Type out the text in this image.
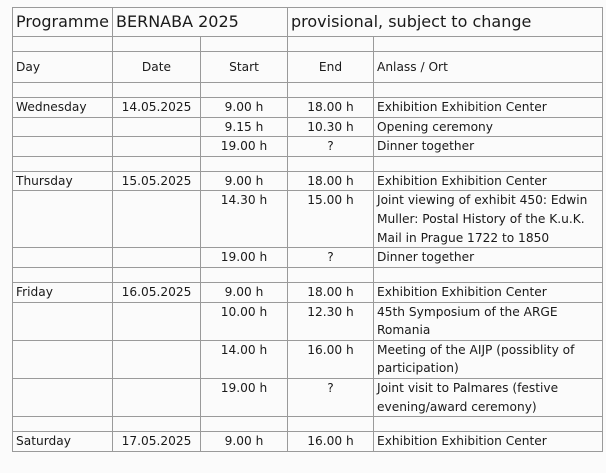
Programme	BERNABA 2025		provisional, subject to change	

Day	Date	Start	End	Anlass / Ort

Wednesday	14.05.2025	9.00 h	18.00 h	Exhibition Exhibition Center
		9.15 h	10.30 h	Opening ceremony
		19.00 h	?	Dinner together

Thursday	15.05.2025	9.00 h	18.00 h	Exhibition Exhibition Center
		14.30 h	15.00 h	Joint viewing of exhibit 450: Edwin Muller: Postal History of the K.u.K. Mail in Prague 1722 to 1850
		19.00 h	?	Dinner together

Friday	16.05.2025	9.00 h	18.00 h	Exhibition Exhibition Center
		10.00 h	12.30 h	45th Symposium of the ARGE Romania
		14.00 h	16.00 h	Meeting of the AIJP (possiblity of participation)
		19.00 h	?	Joint visit to Palmares (festive evening/award ceremony)

Saturday	17.05.2025	9.00 h	16.00 h	Exhibition Exhibition Center
